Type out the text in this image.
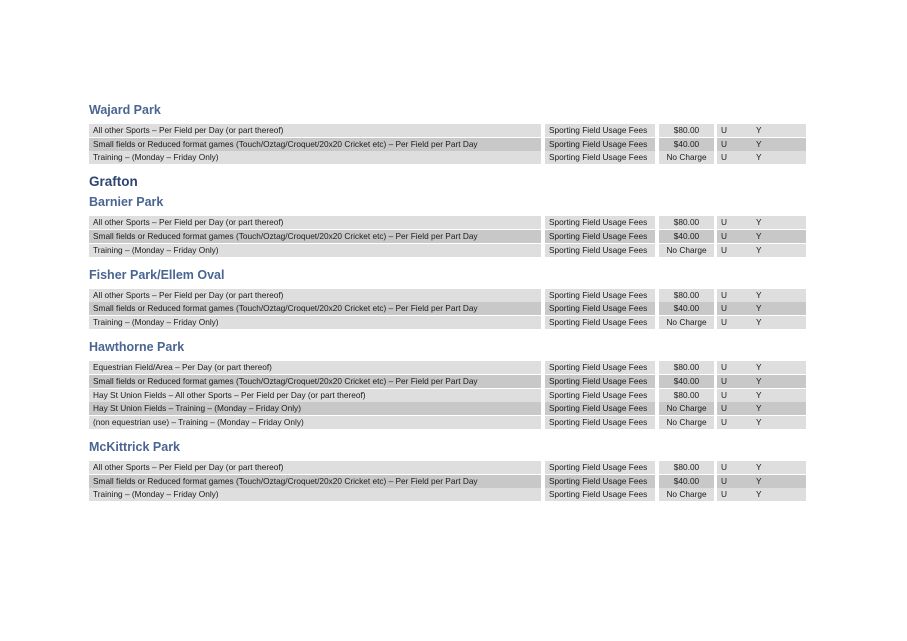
Wajard Park
All other Sports – Per Field per Day (or part thereof)	Sporting Field Usage Fees	$80.00	U	Y
Small fields or Reduced format games (Touch/Oztag/Croquet/20x20 Cricket etc) – Per Field per Part Day	Sporting Field Usage Fees	$40.00	U	Y
Training – (Monday – Friday Only)	Sporting Field Usage Fees	No Charge	U	Y
Grafton
Barnier Park
All other Sports – Per Field per Day (or part thereof)	Sporting Field Usage Fees	$80.00	U	Y
Small fields or Reduced format games (Touch/Oztag/Croquet/20x20 Cricket etc) – Per Field per Part Day	Sporting Field Usage Fees	$40.00	U	Y
Training – (Monday – Friday Only)	Sporting Field Usage Fees	No Charge	U	Y
Fisher Park/Ellem Oval
All other Sports – Per Field per Day (or part thereof)	Sporting Field Usage Fees	$80.00	U	Y
Small fields or Reduced format games (Touch/Oztag/Croquet/20x20 Cricket etc) – Per Field per Part Day	Sporting Field Usage Fees	$40.00	U	Y
Training – (Monday – Friday Only)	Sporting Field Usage Fees	No Charge	U	Y
Hawthorne Park
Equestrian Field/Area – Per Day (or part thereof)	Sporting Field Usage Fees	$80.00	U	Y
Small fields or Reduced format games (Touch/Oztag/Croquet/20x20 Cricket etc) – Per Field per Part Day	Sporting Field Usage Fees	$40.00	U	Y
Hay St Union Fields – All other Sports – Per Field per Day (or part thereof)	Sporting Field Usage Fees	$80.00	U	Y
Hay St Union Fields – Training – (Monday – Friday Only)	Sporting Field Usage Fees	No Charge	U	Y
(non equestrian use) – Training – (Monday – Friday Only)	Sporting Field Usage Fees	No Charge	U	Y
McKittrick Park
All other Sports – Per Field per Day (or part thereof)	Sporting Field Usage Fees	$80.00	U	Y
Small fields or Reduced format games (Touch/Oztag/Croquet/20x20 Cricket etc) – Per Field per Part Day	Sporting Field Usage Fees	$40.00	U	Y
Training – (Monday – Friday Only)	Sporting Field Usage Fees	No Charge	U	Y
